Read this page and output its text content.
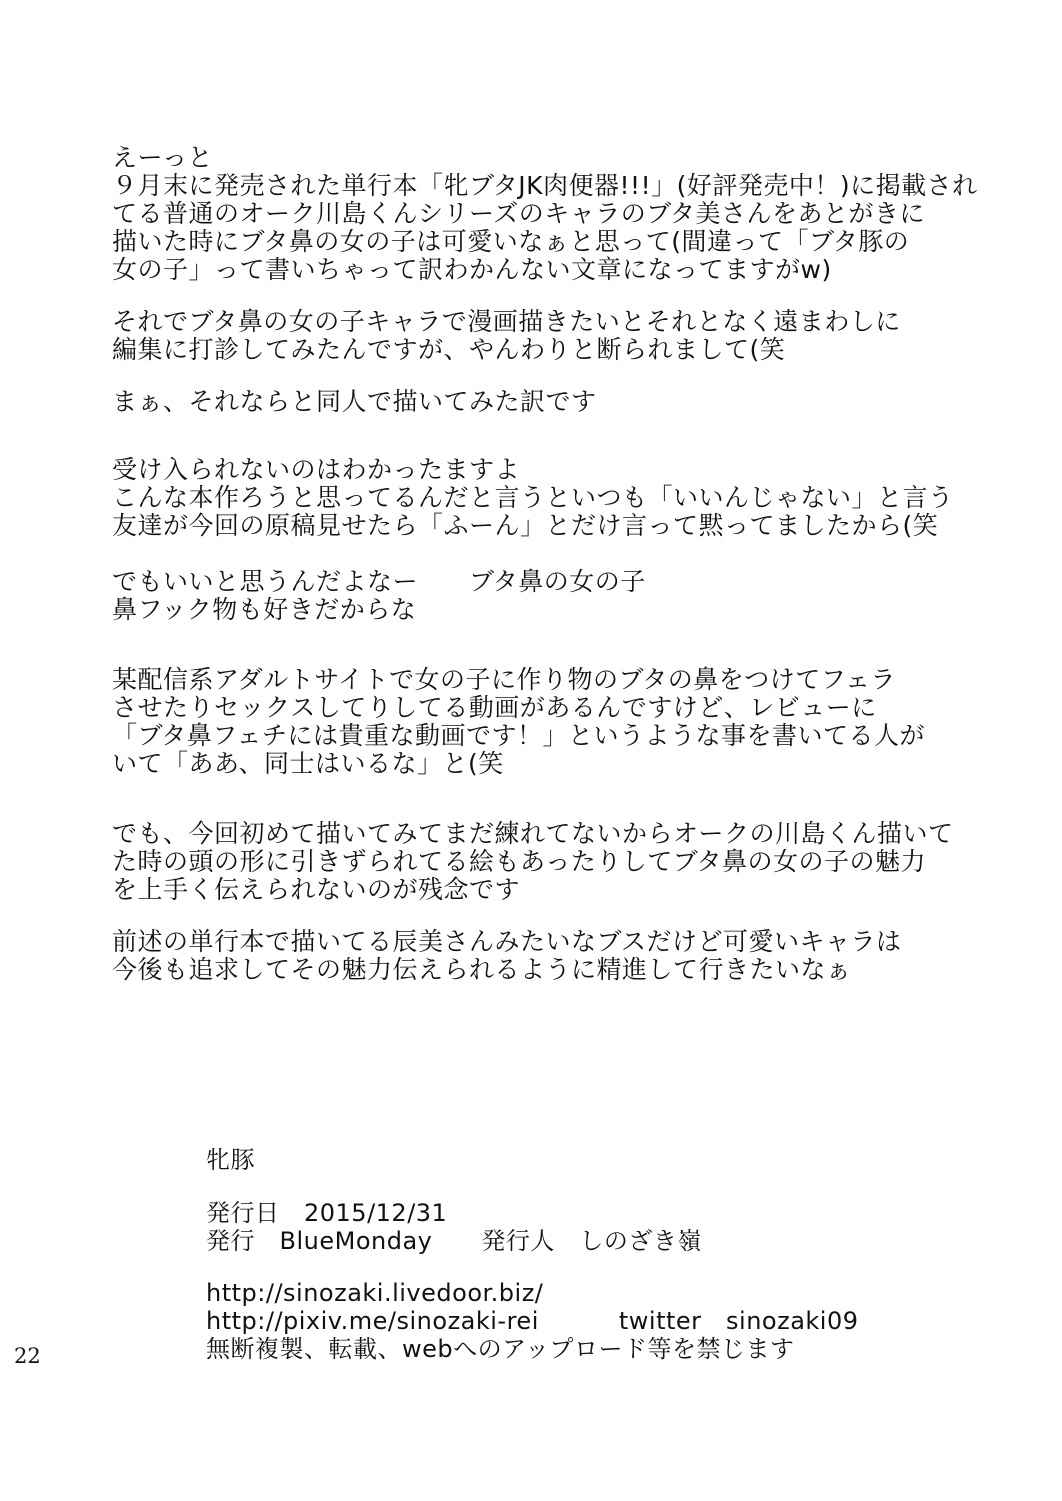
えーっと
９月末に発売された単行本「牝ブタJK肉便器!!!」(好評発売中！)に掲載され
てる普通のオーク川島くんシリーズのキャラのブタ美さんをあとがきに
描いた時にブタ鼻の女の子は可愛いなぁと思って(間違って「ブタ豚の
女の子」って書いちゃって訳わかんない文章になってますがw)
それでブタ鼻の女の子キャラで漫画描きたいとそれとなく遠まわしに
編集に打診してみたんですが、やんわりと断られまして(笑
まぁ、それならと同人で描いてみた訳です
受け入られないのはわかったますよ
こんな本作ろうと思ってるんだと言うといつも「いいんじゃない」と言う
友達が今回の原稿見せたら「ふーん」とだけ言って黙ってましたから(笑
でもいいと思うんだよなー　　ブタ鼻の女の子
鼻フック物も好きだからな
某配信系アダルトサイトで女の子に作り物のブタの鼻をつけてフェラ
させたりセックスしてりしてる動画があるんですけど、レビューに
「ブタ鼻フェチには貴重な動画です！」というような事を書いてる人が
いて「ああ、同士はいるな」と(笑
でも、今回初めて描いてみてまだ練れてないからオークの川島くん描いて
た時の頭の形に引きずられてる絵もあったりしてブタ鼻の女の子の魅力
を上手く伝えられないのが残念です
前述の単行本で描いてる辰美さんみたいなブスだけど可愛いキャラは
今後も追求してその魅力伝えられるように精進して行きたいなぁ
牝豚
発行日　2015/12/31
発行　BlueMonday　　発行人　しのざき嶺
http://sinozaki.livedoor.biz/
http://pixiv.me/sinozaki-rei	twitter　sinozaki09
無断複製、転載、webへのアップロード等を禁じます
22
